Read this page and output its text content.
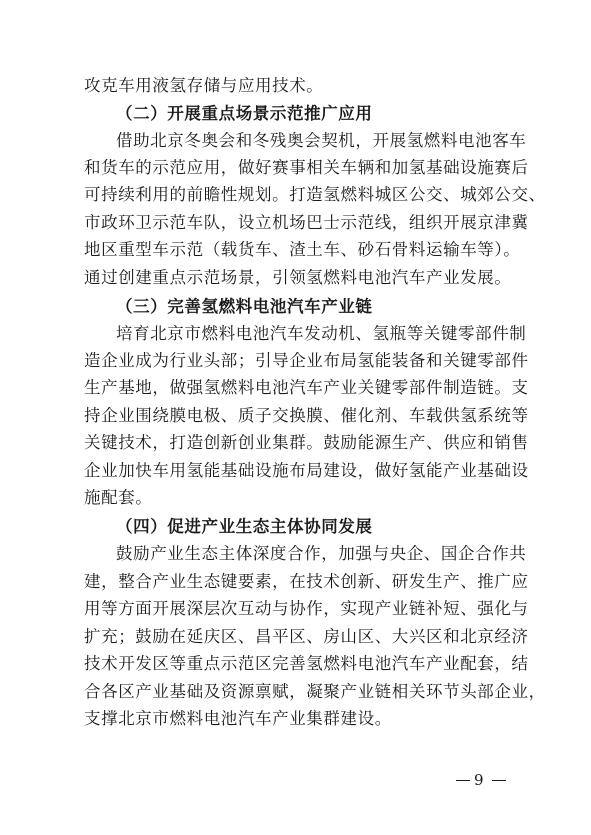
攻克车用液氢存储与应用技术。
（二）开展重点场景示范推广应用
借助北京冬奥会和冬残奥会契机，开展氢燃料电池客车
和货车的示范应用，做好赛事相关车辆和加氢基础设施赛后
可持续利用的前瞻性规划。打造氢燃料城区公交、城郊公交、
市政环卫示范车队，设立机场巴士示范线，组织开展京津冀
地区重型车示范（载货车、渣土车、砂石骨料运输车等）。
通过创建重点示范场景，引领氢燃料电池汽车产业发展。
（三）完善氢燃料电池汽车产业链
培育北京市燃料电池汽车发动机、氢瓶等关键零部件制
造企业成为行业头部；引导企业布局氢能装备和关键零部件
生产基地，做强氢燃料电池汽车产业关键零部件制造链。支
持企业围绕膜电极、质子交换膜、催化剂、车载供氢系统等
关键技术，打造创新创业集群。鼓励能源生产、供应和销售
企业加快车用氢能基础设施布局建设，做好氢能产业基础设
施配套。
（四）促进产业生态主体协同发展
鼓励产业生态主体深度合作，加强与央企、国企合作共
建，整合产业生态键要素，在技术创新、研发生产、推广应
用等方面开展深层次互动与协作，实现产业链补短、强化与
扩充；鼓励在延庆区、昌平区、房山区、大兴区和北京经济
技术开发区等重点示范区完善氢燃料电池汽车产业配套，结
合各区产业基础及资源禀赋，凝聚产业链相关环节头部企业，
支撑北京市燃料电池汽车产业集群建设。
9
